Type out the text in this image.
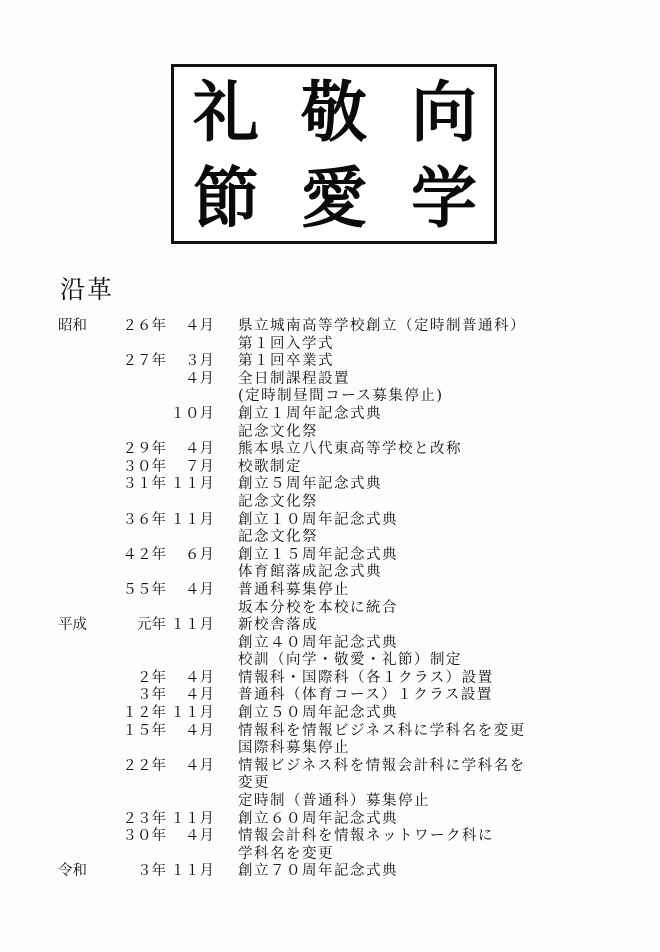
礼 敬 向
節 愛 学
沿革
昭和	２６年	４月 県立城南高等学校創立（定時制普通科）
第１回入学式
２７年	３月 第１回卒業式
４月 全日制課程設置
(定時制昼間コース募集停止)
１０月 創立１周年記念式典
記念文化祭
２９年	４月 熊本県立八代東高等学校と改称
３０年	７月 校歌制定
３１年 １１月 創立５周年記念式典
記念文化祭
３６年 １１月 創立１０周年記念式典
記念文化祭
４２年	６月 創立１５周年記念式典
体育館落成記念式典
５５年	４月 普通科募集停止
坂本分校を本校に統合
平成	元年 １１月 新校舎落成
創立４０周年記念式典
校訓（向学・敬愛・礼節）制定
２年	４月 情報科・国際科（各１クラス）設置
３年	４月 普通科（体育コース）１クラス設置
１２年 １１月 創立５０周年記念式典
１５年	４月 情報科を情報ビジネス科に学科名を変更
国際科募集停止
２２年	４月 情報ビジネス科を情報会計科に学科名を
変更
定時制（普通科）募集停止
２３年 １１月 創立６０周年記念式典
３０年	４月 情報会計科を情報ネットワーク科に
学科名を変更
令和	３年 １１月 創立７０周年記念式典
